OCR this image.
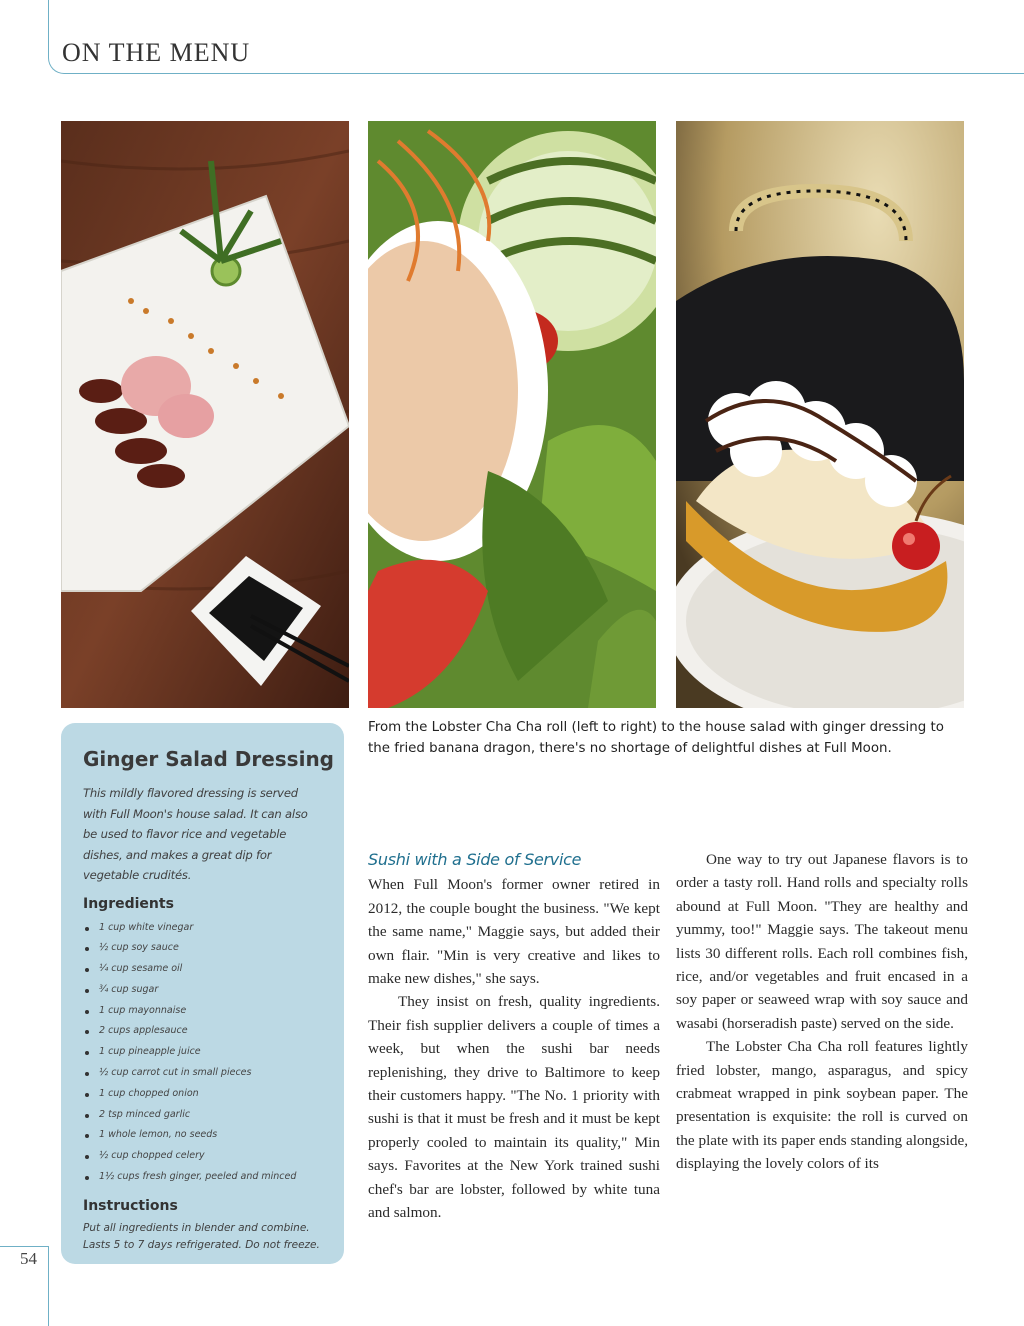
ON THE MENU

From the Lobster Cha Cha roll (left to right) to the house salad with ginger dressing to the fried banana dragon, there's no shortage of delightful dishes at Full Moon.

Ginger Salad Dressing

This mildly flavored dressing is served with Full Moon's house salad. It can also be used to flavor rice and vegetable dishes, and makes a great dip for vegetable crudités.

Ingredients
1 cup white vinegar
½ cup soy sauce
¼ cup sesame oil
¾ cup sugar
1 cup mayonnaise
2 cups applesauce
1 cup pineapple juice
½ cup carrot cut in small pieces
1 cup chopped onion
2 tsp minced garlic
1 whole lemon, no seeds
½ cup chopped celery
1½ cups fresh ginger, peeled and minced
Instructions

Put all ingredients in blender and combine. Lasts 5 to 7 days refrigerated. Do not freeze.

Sushi with a Side of Service

When Full Moon's former owner retired in 2012, the couple bought the business. "We kept the same name," Maggie says, but added their own flair. "Min is very creative and likes to make new dishes," she says.

They insist on fresh, quality ingredients. Their fish supplier delivers a couple of times a week, but when the sushi bar needs replenishing, they drive to Baltimore to keep their customers happy. "The No. 1 priority with sushi is that it must be fresh and it must be kept properly cooled to maintain its quality," Min says. Favorites at the New York trained sushi chef's bar are lobster, followed by white tuna and salmon.

One way to try out Japanese flavors is to order a tasty roll. Hand rolls and specialty rolls abound at Full Moon. "They are healthy and yummy, too!" Maggie says. The takeout menu lists 30 different rolls. Each roll combines fish, rice, and/or vegetables and fruit encased in a soy paper or seaweed wrap with soy sauce and wasabi (horseradish paste) served on the side.

The Lobster Cha Cha roll features lightly fried lobster, mango, asparagus, and spicy crabmeat wrapped in pink soybean paper. The presentation is exquisite: the roll is curved on the plate with its paper ends standing alongside, displaying the lovely colors of its

54
